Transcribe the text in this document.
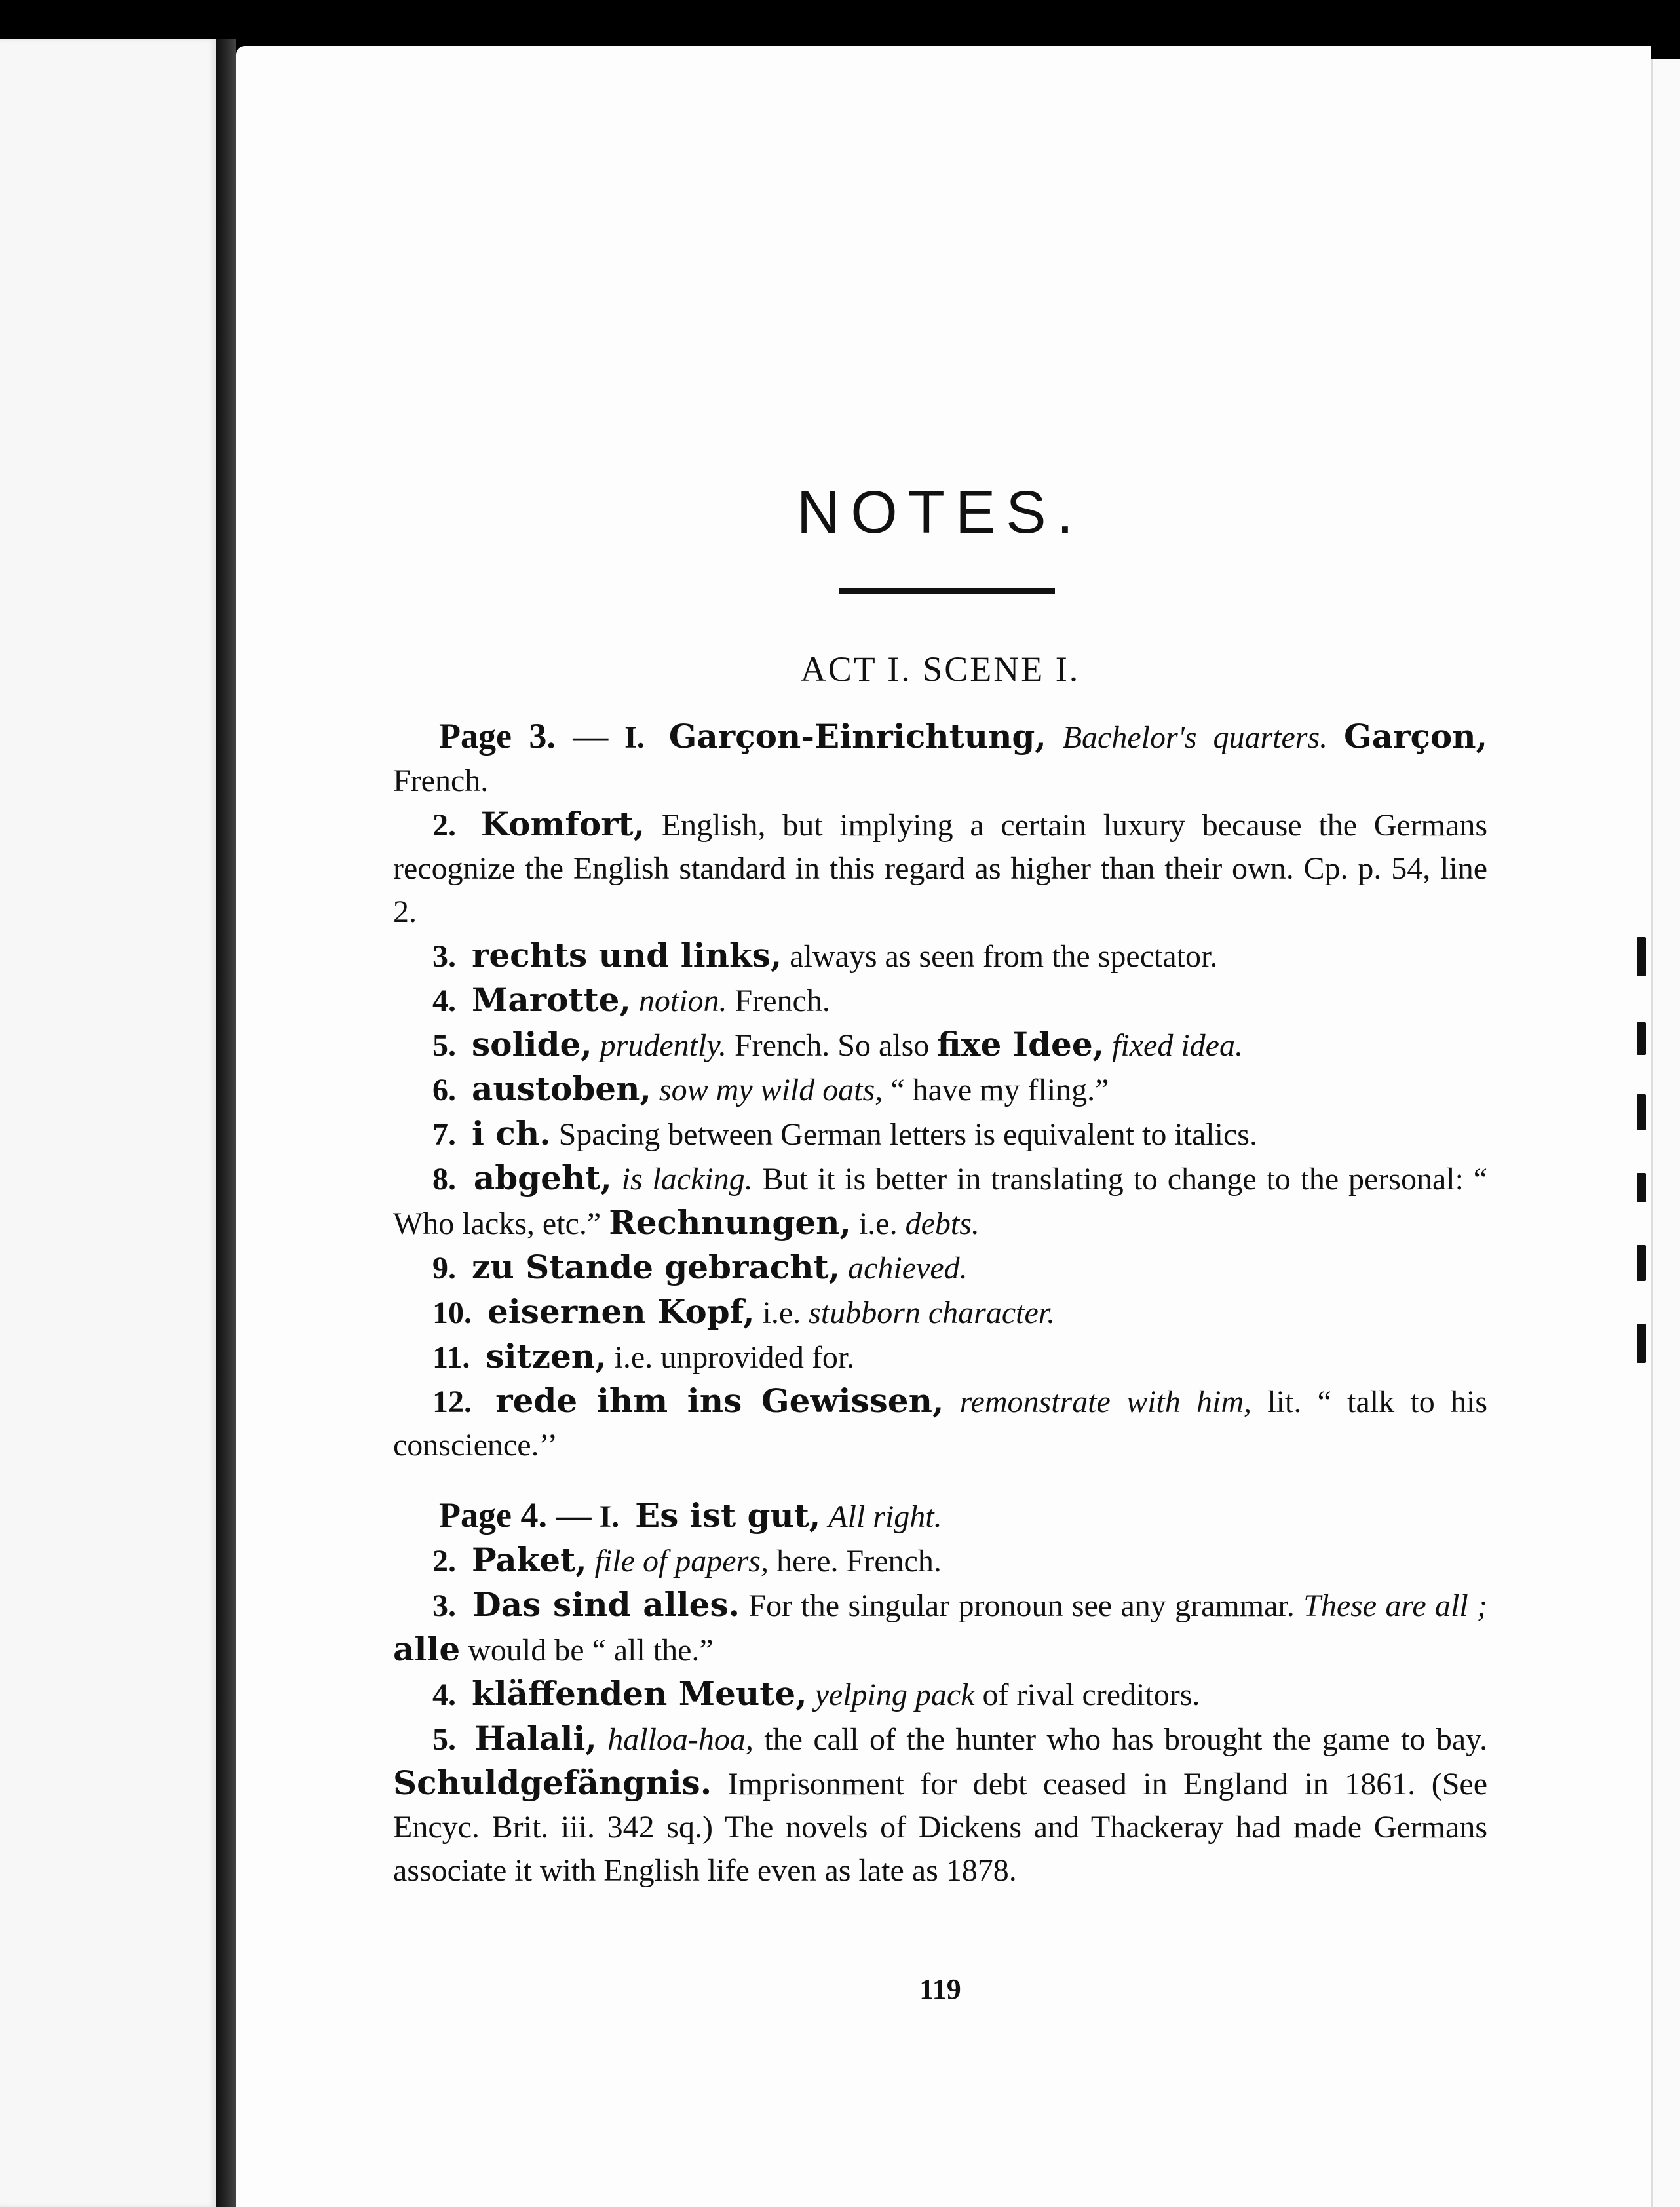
NOTES.
ACT I. SCENE I.

Page 3. — I. Garçon-Einrichtung, Bachelor's quarters. Garçon, French.

2. Komfort, English, but implying a certain luxury because the Germans recognize the English standard in this regard as higher than their own. Cp. p. 54, line 2.

3. rechts und links, always as seen from the spectator.

4. Marotte, notion. French.

5. solide, prudently. French. So also fixe Idee, fixed idea.

6. austoben, sow my wild oats, “ have my fling.”

7. i ch. Spacing between German letters is equivalent to italics.

8. abgeht, is lacking. But it is better in translating to change to the personal: “ Who lacks, etc.” Rechnungen, i.e. debts.

9. zu Stande gebracht, achieved.

10. eisernen Kopf, i.e. stubborn character.

11. sitzen, i.e. unprovided for.

12. rede ihm ins Gewissen, remonstrate with him, lit. “ talk to his conscience.’’

Page 4. — I. Es ist gut, All right.

2. Paket, file of papers, here. French.

3. Das sind alles. For the singular pronoun see any grammar. These are all ; alle would be “ all the.”

4. kläffenden Meute, yelping pack of rival creditors.

5. Halali, halloa-hoa, the call of the hunter who has brought the game to bay. Schuldgefängnis. Imprisonment for debt ceased in England in 1861. (See Encyc. Brit. iii. 342 sq.) The novels of Dickens and Thackeray had made Germans associate it with English life even as late as 1878.

119
